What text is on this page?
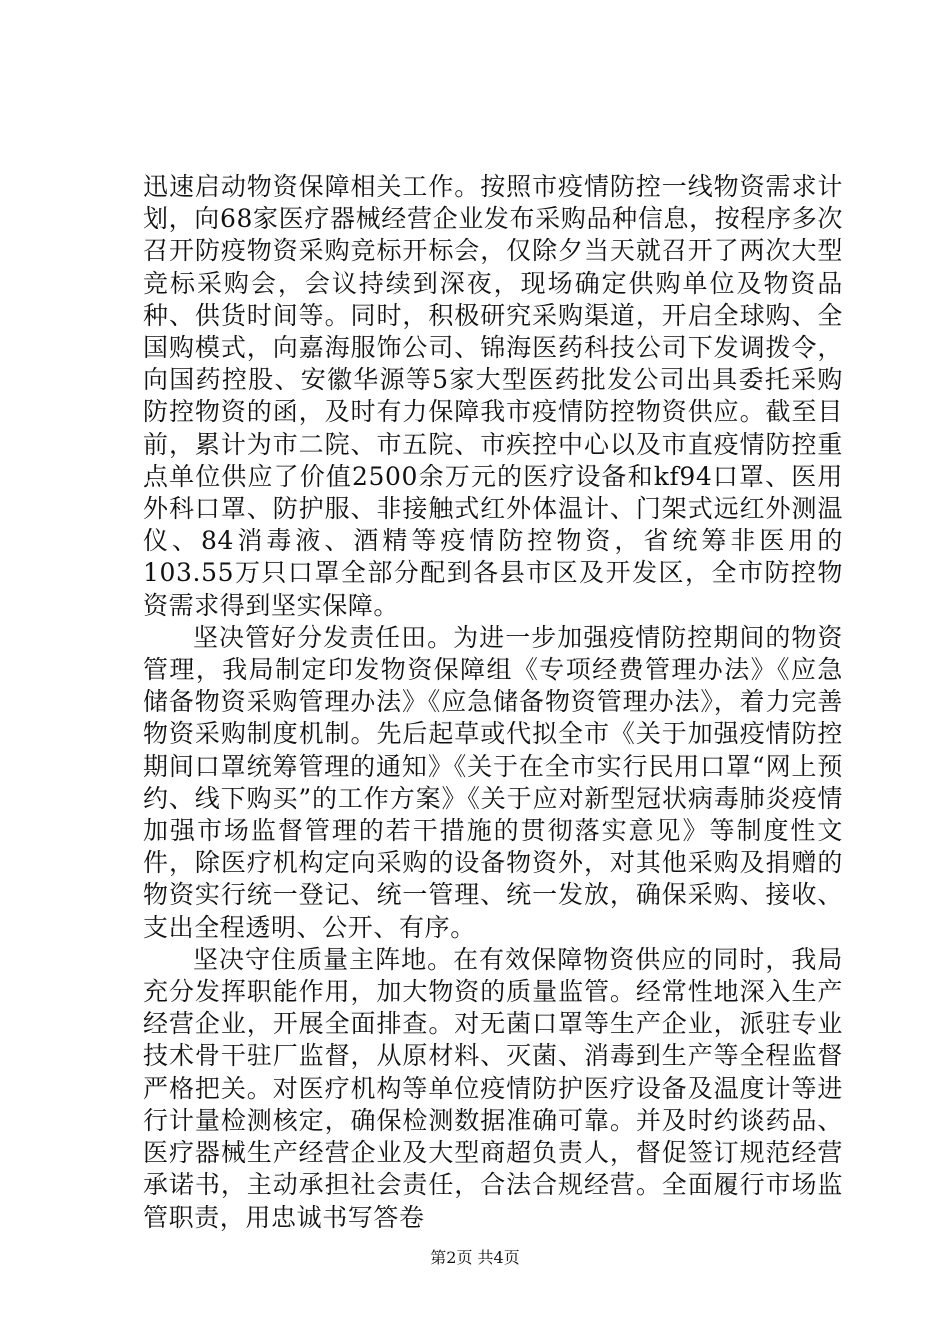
迅速启动物资保障相关工作。按照市疫情防控一线物资需求计划，向68家医疗器械经营企业发布采购品种信息，按程序多次召开防疫物资采购竞标开标会，仅除夕当天就召开了两次大型竞标采购会，会议持续到深夜，现场确定供购单位及物资品种、供货时间等。同时，积极研究采购渠道，开启全球购、全国购模式，向嘉海服饰公司、锦海医药科技公司下发调拨令，向国药控股、安徽华源等5家大型医药批发公司出具委托采购防控物资的函，及时有力保障我市疫情防控物资供应。截至目前，累计为市二院、市五院、市疾控中心以及市直疫情防控重点单位供应了价值2500余万元的医疗设备和kf94口罩、医用外科口罩、防护服、非接触式红外体温计、门架式远红外测温仪、84消毒液、酒精等疫情防控物资，省统筹非医用的103.55万只口罩全部分配到各县市区及开发区，全市防控物资需求得到坚实保障。

坚决管好分发责任田。为进一步加强疫情防控期间的物资管理，我局制定印发物资保障组《专项经费管理办法》《应急储备物资采购管理办法》《应急储备物资管理办法》，着力完善物资采购制度机制。先后起草或代拟全市《关于加强疫情防控期间口罩统筹管理的通知》《关于在全市实行民用口罩“网上预约、线下购买”的工作方案》《关于应对新型冠状病毒肺炎疫情加强市场监督管理的若干措施的贯彻落实意见》等制度性文件，除医疗机构定向采购的设备物资外，对其他采购及捐赠的物资实行统一登记、统一管理、统一发放，确保采购、接收、支出全程透明、公开、有序。

坚决守住质量主阵地。在有效保障物资供应的同时，我局充分发挥职能作用，加大物资的质量监管。经常性地深入生产经营企业，开展全面排查。对无菌口罩等生产企业，派驻专业技术骨干驻厂监督，从原材料、灭菌、消毒到生产等全程监督严格把关。对医疗机构等单位疫情防护医疗设备及温度计等进行计量检测核定，确保检测数据准确可靠。并及时约谈药品、医疗器械生产经营企业及大型商超负责人，督促签订规范经营承诺书，主动承担社会责任，合法合规经营。全面履行市场监管职责，用忠诚书写答卷

第2页 共4页
